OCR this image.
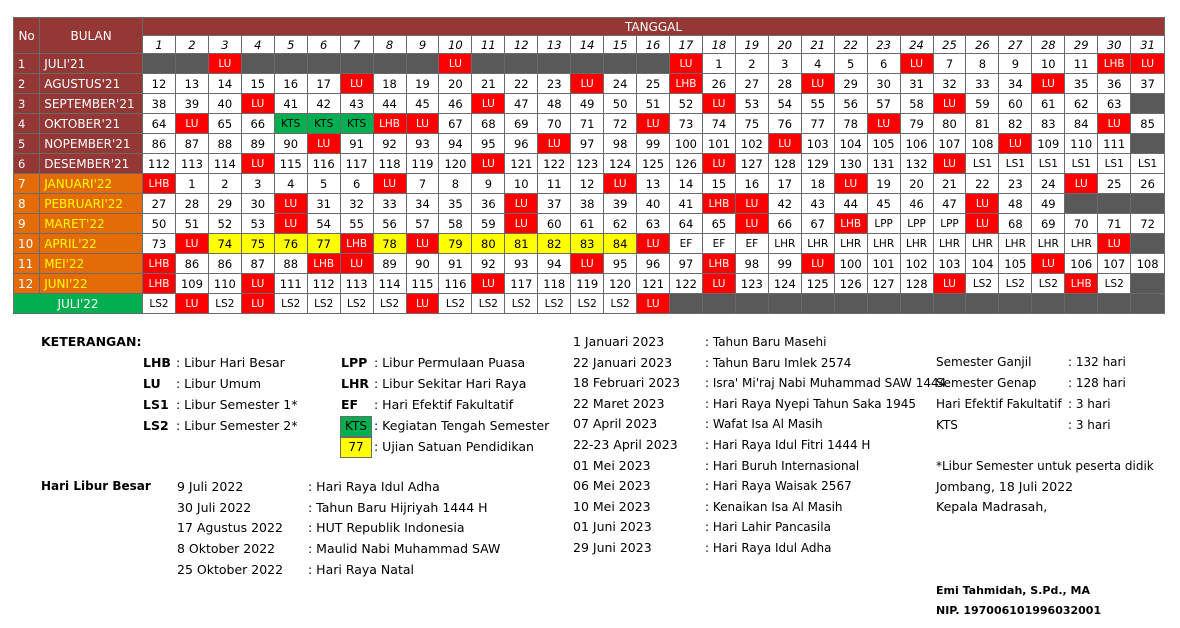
No	BULAN	TANGGAL																														
		1	2	3	4	5	6	7	8	9	10	11	12	13	14	15	16	17	18	19	20	21	22	23	24	25	26	27	28	29	30	31
1	JULI'21			LU							LU							LU	1	2	3	4	5	6	LU	7	8	9	10	11	LHB	LU
2	AGUSTUS'21	12	13	14	15	16	17	LU	18	19	20	21	22	23	LU	24	25	LHB	26	27	28	LU	29	30	31	32	33	34	LU	35	36	37
3	SEPTEMBER'21	38	39	40	LU	41	42	43	44	45	46	LU	47	48	49	50	51	52	LU	53	54	55	56	57	58	LU	59	60	61	62	63	
4	OKTOBER'21	64	LU	65	66	KTS	KTS	KTS	LHB	LU	67	68	69	70	71	72	LU	73	74	75	76	77	78	LU	79	80	81	82	83	84	LU	85
5	NOPEMBER'21	86	87	88	89	90	LU	91	92	93	94	95	96	LU	97	98	99	100	101	102	LU	103	104	105	106	107	108	LU	109	110	111	
6	DESEMBER'21	112	113	114	LU	115	116	117	118	119	120	LU	121	122	123	124	125	126	LU	127	128	129	130	131	132	LU	LS1	LS1	LS1	LS1	LS1	LS1
7	JANUARI'22	LHB	1	2	3	4	5	6	LU	7	8	9	10	11	12	LU	13	14	15	16	17	18	LU	19	20	21	22	23	24	LU	25	26
8	PEBRUARI'22	27	28	29	30	LU	31	32	33	34	35	36	LU	37	38	39	40	41	LHB	LU	42	43	44	45	46	47	LU	48	49			
9	MARET'22	50	51	52	53	LU	54	55	56	57	58	59	LU	60	61	62	63	64	65	LU	66	67	LHB	LPP	LPP	LPP	LU	68	69	70	71	72
10	APRIL'22	73	LU	74	75	76	77	LHB	78	LU	79	80	81	82	83	84	LU	EF	EF	EF	LHR	LHR	LHR	LHR	LHR	LHR	LHR	LHR	LHR	LHR	LU	
11	MEI'22	LHB	86	86	87	88	LHB	LU	89	90	91	92	93	94	LU	95	96	97	LHB	98	99	LU	100	101	102	103	104	105	LU	106	107	108
12	JUNI'22	LHB	109	110	LU	111	112	113	114	115	116	LU	117	118	119	120	121	122	LU	123	124	125	126	127	128	LU	LS2	LS2	LS2	LHB	LS2	
JULI'22		LS2	LU	LS2	LU	LS2	LS2	LS2	LS2	LU	LS2	LS2	LS2	LS2	LS2	LS2	LU															
KETERANGAN:
LHB : Libur Hari Besar
LU : Libur Umum
LS1 : Libur Semester 1*
LS2 : Libur Semester 2*
LPP : Libur Permulaan Puasa
LHR : Libur Sekitar Hari Raya
EF : Hari Efektif Fakultatif
KTS : Kegiatan Tengah Semester
77 : Ujian Satuan Pendidikan
Hari Libur Besar 9 Juli 2022	: Hari Raya Idul Adha
30 Juli 2022	: Tahun Baru Hijriyah 1444 H
17 Agustus 2022 : HUT Republik Indonesia
8 Oktober 2022	: Maulid Nabi Muhammad SAW
25 Oktober 2022 : Hari Raya Natal
1 Januari 2023	: Tahun Baru Masehi
22 Januari 2023	: Tahun Baru Imlek 2574
18 Februari 2023 : Isra' Mi'raj Nabi Muhammad SAW 1444
22 Maret 2023	: Hari Raya Nyepi Tahun Saka 1945
07 April 2023	: Wafat Isa Al Masih
22-23 April 2023 : Hari Raya Idul Fitri 1444 H
01 Mei 2023	: Hari Buruh Internasional
06 Mei 2023	: Hari Raya Waisak 2567
10 Mei 2023	: Kenaikan Isa Al Masih
01 Juni 2023	: Hari Lahir Pancasila
29 Juni 2023	: Hari Raya Idul Adha
Semester Ganjil	: 132 hari
Semester Genap	: 128 hari
Hari Efektif Fakultatif : 3 hari
KTS	: 3 hari
*Libur Semester untuk peserta didik
Jombang, 18 Juli 2022
Kepala Madrasah,
Emi Tahmidah, S.Pd., MA
NIP. 197006101996032001
